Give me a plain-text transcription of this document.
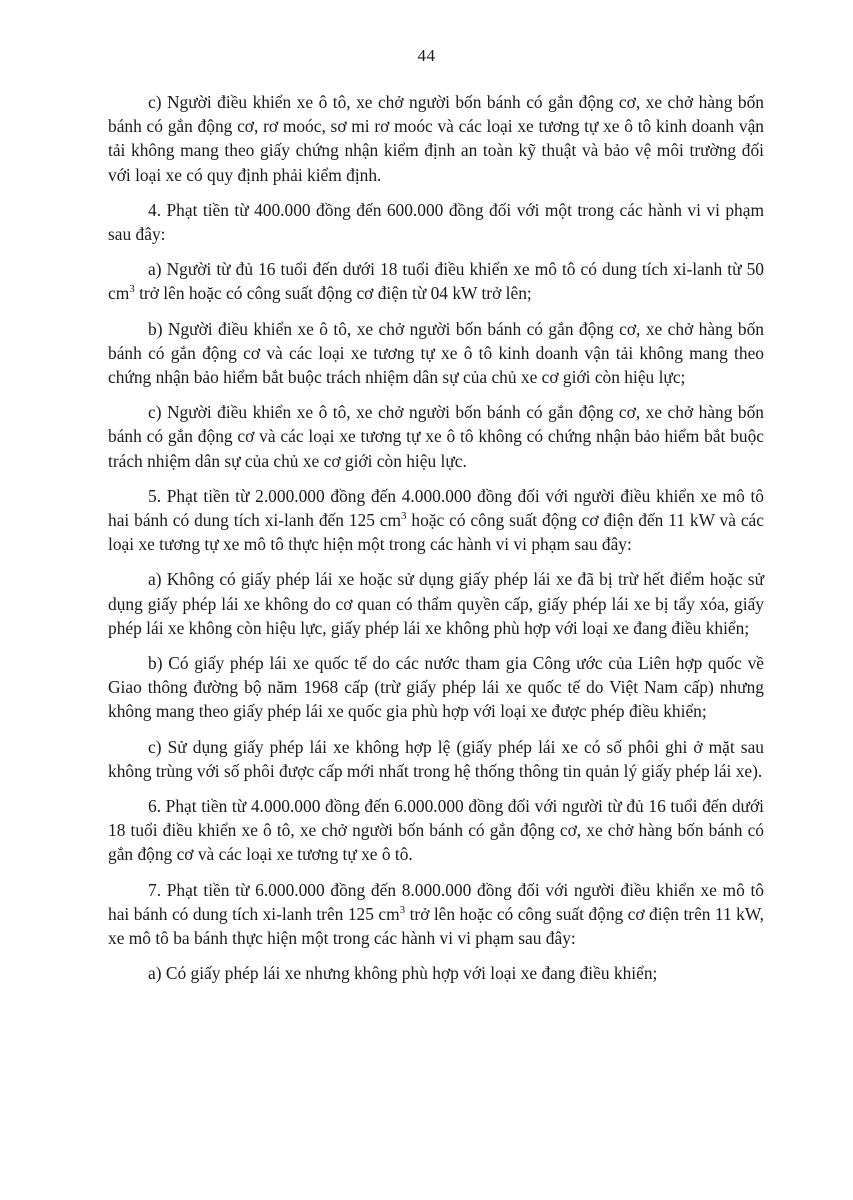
44

c) Người điều khiển xe ô tô, xe chở người bốn bánh có gắn động cơ, xe chở hàng bốn bánh có gắn động cơ, rơ moóc, sơ mi rơ moóc và các loại xe tương tự xe ô tô kinh doanh vận tải không mang theo giấy chứng nhận kiểm định an toàn kỹ thuật và bảo vệ môi trường đối với loại xe có quy định phải kiểm định.

4. Phạt tiền từ 400.000 đồng đến 600.000 đồng đối với một trong các hành vi vi phạm sau đây:

a) Người từ đủ 16 tuổi đến dưới 18 tuổi điều khiển xe mô tô có dung tích xi-lanh từ 50 $cm^3$ trở lên hoặc có công suất động cơ điện từ 04 kW trở lên;

b) Người điều khiển xe ô tô, xe chở người bốn bánh có gắn động cơ, xe chở hàng bốn bánh có gắn động cơ và các loại xe tương tự xe ô tô kinh doanh vận tải không mang theo chứng nhận bảo hiểm bắt buộc trách nhiệm dân sự của chủ xe cơ giới còn hiệu lực;

c) Người điều khiển xe ô tô, xe chở người bốn bánh có gắn động cơ, xe chở hàng bốn bánh có gắn động cơ và các loại xe tương tự xe ô tô không có chứng nhận bảo hiểm bắt buộc trách nhiệm dân sự của chủ xe cơ giới còn hiệu lực.

5. Phạt tiền từ 2.000.000 đồng đến 4.000.000 đồng đối với người điều khiển xe mô tô hai bánh có dung tích xi-lanh đến 125 $cm^3$ hoặc có công suất động cơ điện đến 11 kW và các loại xe tương tự xe mô tô thực hiện một trong các hành vi vi phạm sau đây:

a) Không có giấy phép lái xe hoặc sử dụng giấy phép lái xe đã bị trừ hết điểm hoặc sử dụng giấy phép lái xe không do cơ quan có thẩm quyền cấp, giấy phép lái xe bị tẩy xóa, giấy phép lái xe không còn hiệu lực, giấy phép lái xe không phù hợp với loại xe đang điều khiển;

b) Có giấy phép lái xe quốc tế do các nước tham gia Công ước của Liên hợp quốc về Giao thông đường bộ năm 1968 cấp (trừ giấy phép lái xe quốc tế do Việt Nam cấp) nhưng không mang theo giấy phép lái xe quốc gia phù hợp với loại xe được phép điều khiển;

c) Sử dụng giấy phép lái xe không hợp lệ (giấy phép lái xe có số phôi ghi ở mặt sau không trùng với số phôi được cấp mới nhất trong hệ thống thông tin quản lý giấy phép lái xe).

6. Phạt tiền từ 4.000.000 đồng đến 6.000.000 đồng đối với người từ đủ 16 tuổi đến dưới 18 tuổi điều khiển xe ô tô, xe chở người bốn bánh có gắn động cơ, xe chở hàng bốn bánh có gắn động cơ và các loại xe tương tự xe ô tô.

7. Phạt tiền từ 6.000.000 đồng đến 8.000.000 đồng đối với người điều khiển xe mô tô hai bánh có dung tích xi-lanh trên 125 $cm^3$ trở lên hoặc có công suất động cơ điện trên 11 kW, xe mô tô ba bánh thực hiện một trong các hành vi vi phạm sau đây:

a) Có giấy phép lái xe nhưng không phù hợp với loại xe đang điều khiển;
